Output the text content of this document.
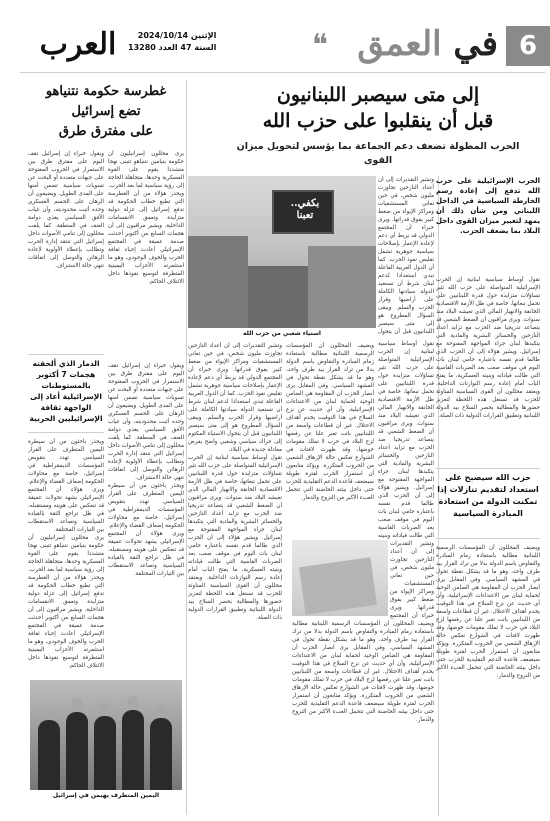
6
في العمق
❝
العرب	الإثنين 2024/10/14
السنة 47 العدد 13280
إلى متى سيصبر اللبنانيون
قبل أن ينقلبوا على حزب الله
الحرب المطولة تضعف دعم الجماعة بما يؤسس لتحويل ميزان القوى

الحرب الإسرائيلية على حزب الله تدفع إلى إعادة رسم الخارطة السياسية في الداخل اللبناني ومن شأن ذلك أن يمهد لتغيير ميزان القوى داخل البلاد بما يضعف الحزب.

تقول أوساط سياسية لبنانية إن الحرب الإسرائيلية المتواصلة على حزب الله تثير تساؤلات متزايدة حول قدرة اللبنانيين على تحمل تبعاتها، خاصة في ظل الأزمة الاقتصادية الخانقة والانهيار المالي الذي تعيشه البلاد منذ سنوات. ويرى مراقبون أن الضغط الشعبي قد يتصاعد تدريجيا ضد الحزب مع تزايد أعداد النازحين والخسائر البشرية والمادية التي يتكبدها لبنان جراء المواجهة المفتوحة مع إسرائيل. ويشير هؤلاء إلى أن الحزب الذي طالما قدم نفسه باعتباره حامي لبنان بات اليوم في موقف صعب بعد الضربات القاسية التي طالت قياداته وبنيته العسكرية، ما يفتح الباب أمام إعادة رسم التوازنات الداخلية. ويعتقد محللون أن القوى السياسية المناوئة للحزب قد تستغل هذه اللحظة لتعزيز حضورها والمطالبة بحصر السلاح بيد الدولة اللبنانية وتطبيق القرارات الدولية ذات الصلة.

حزب الله سيصبح على استعداد لتقديم تنازلات إذا تمكنت الدولة من استعادة المبادرة السياسية

ويضيف المحللون أن المؤسسات الرسمية اللبنانية مطالبة باستعادة زمام المبادرة والتفاوض باسم الدولة بدلا من ترك القرار بيد طرف واحد، وهو ما قد يشكل نقطة تحول في المشهد السياسي. وفي المقابل يرى أنصار الحزب أن المقاومة هي الضامن الوحيد لحماية لبنان من الاعتداءات الإسرائيلية، وأن أي حديث عن نزع السلاح في هذا التوقيت يخدم أهداف الاحتلال. غير أن قطاعات واسعة من اللبنانيين باتت تعبر علنا عن رفضها لزج البلاد في حرب لا تملك مقومات خوضها، وقد ظهرت لافتات في الشوارع تعكس حالة الإرهاق الشعبي من الحروب المتكررة. ويؤكد متابعون أن استمرار الحرب لفترة طويلة سيضعف قاعدة الدعم التقليدية للحزب حتى داخل بيئته الحاضنة التي تتحمل العبء الأكبر من النزوح والدمار.

وتشير التقديرات إلى أن أعداد النازحين تجاوزت مليون شخص، في حين تعاني المستشفيات ومراكز الإيواء من ضغط كبير يفوق قدراتها. ويرى خبراء أن المجتمع الدولي قد يربط أي دعم لإعادة الإعمار بإصلاحات سياسية جوهرية تشمل تقليص نفوذ الحزب. كما أن الدول العربية الفاعلة تبدي استعدادا لدعم لبنان شرط أن تستعيد الدولة سيادتها الكاملة على أراضيها وقرار الحرب والسلم. ويبقى السؤال المطروح هو إلى متى سيصبر اللبنانيون قبل أن يتحول

تقول أوساط سياسية لبنانية إن الحرب الإسرائيلية المتواصلة على حزب الله تثير تساؤلات متزايدة حول قدرة اللبنانيين على تحمل تبعاتها، خاصة في ظل الأزمة الاقتصادية الخانقة والانهيار المالي الذي تعيشه البلاد منذ سنوات. ويرى مراقبون أن الضغط الشعبي قد يتصاعد تدريجيا ضد الحزب مع تزايد أعداد النازحين والخسائر البشرية والمادية التي يتكبدها لبنان جراء المواجهة المفتوحة مع إسرائيل. ويشير هؤلاء إلى أن الحزب الذي طالما قدم نفسه باعتباره حامي لبنان بات اليوم في موقف صعب بعد الضربات القاسية التي طالت قياداته وبنيته

وتشير التقديرات إلى أن أعداد النازحين تجاوزت مليون شخص، في حين تعاني المستشفيات ومراكز الإيواء من ضغط كبير يفوق قدراتها. ويرى خبراء أن المجتمع

ويضيف المحللون أن المؤسسات الرسمية اللبنانية مطالبة باستعادة زمام المبادرة والتفاوض باسم الدولة بدلا من ترك القرار بيد طرف واحد، وهو ما قد يشكل نقطة تحول في المشهد السياسي. وفي المقابل يرى أنصار الحزب أن المقاومة هي الضامن الوحيد لحماية لبنان من الاعتداءات الإسرائيلية، وأن أي حديث عن نزع السلاح في هذا التوقيت يخدم أهداف الاحتلال. غير أن قطاعات واسعة من اللبنانيين باتت تعبر علنا عن رفضها لزج البلاد في حرب لا تملك مقومات خوضها، وقد ظهرت لافتات في الشوارع تعكس حالة الإرهاق الشعبي من الحروب المتكررة. ويؤكد متابعون أن استمرار الحرب لفترة طويلة سيضعف قاعدة الدعم التقليدية للحزب حتى داخل بيئته الحاضنة التي تتحمل العبء الأكبر من النزوح والدمار.

بكفي..
تعبنا
استياء شعبي من حزب الله

ويضيف المحللون أن المؤسسات الرسمية اللبنانية مطالبة باستعادة زمام المبادرة والتفاوض باسم الدولة بدلا من ترك القرار بيد طرف واحد، وهو ما قد يشكل نقطة تحول في المشهد السياسي. وفي المقابل يرى أنصار الحزب أن المقاومة هي الضامن الوحيد لحماية لبنان من الاعتداءات الإسرائيلية، وأن أي حديث عن نزع السلاح في هذا التوقيت يخدم أهداف الاحتلال. غير أن قطاعات واسعة من اللبنانيين باتت تعبر علنا عن رفضها لزج البلاد في حرب لا تملك مقومات خوضها، وقد ظهرت لافتات في الشوارع تعكس حالة الإرهاق الشعبي من الحروب المتكررة. ويؤكد متابعون أن استمرار الحرب لفترة طويلة سيضعف قاعدة الدعم التقليدية للحزب حتى داخل بيئته الحاضنة التي تتحمل العبء الأكبر من النزوح والدمار.

وتشير التقديرات إلى أن أعداد النازحين تجاوزت مليون شخص، في حين تعاني المستشفيات ومراكز الإيواء من ضغط كبير يفوق قدراتها. ويرى خبراء أن المجتمع الدولي قد يربط أي دعم لإعادة الإعمار بإصلاحات سياسية جوهرية تشمل تقليص نفوذ الحزب. كما أن الدول العربية الفاعلة تبدي استعدادا لدعم لبنان شرط أن تستعيد الدولة سيادتها الكاملة على أراضيها وقرار الحرب والسلم. ويبقى السؤال المطروح هو إلى متى سيصبر اللبنانيون قبل أن يتحول الاستياء المكتوم إلى حراك سياسي وشعبي واضح يفرض معادلة جديدة في البلاد.

تقول أوساط سياسية لبنانية إن الحرب الإسرائيلية المتواصلة على حزب الله تثير تساؤلات متزايدة حول قدرة اللبنانيين على تحمل تبعاتها، خاصة في ظل الأزمة الاقتصادية الخانقة والانهيار المالي الذي تعيشه البلاد منذ سنوات. ويرى مراقبون أن الضغط الشعبي قد يتصاعد تدريجيا ضد الحزب مع تزايد أعداد النازحين والخسائر البشرية والمادية التي يتكبدها لبنان جراء المواجهة المفتوحة مع إسرائيل. ويشير هؤلاء إلى أن الحزب الذي طالما قدم نفسه باعتباره حامي لبنان بات اليوم في موقف صعب بعد الضربات القاسية التي طالت قياداته وبنيته العسكرية، ما يفتح الباب أمام إعادة رسم التوازنات الداخلية. ويعتقد محللون أن القوى السياسية المناوئة للحزب قد تستغل هذه اللحظة لتعزيز حضورها والمطالبة بحصر السلاح بيد الدولة اللبنانية وتطبيق القرارات الدولية ذات الصلة.

غطرسة حكومة نتنياهو
تضع إسرائيل
على مفترق طرق

يرى محللون إسرائيليون أن حكومة بنيامين نتنياهو تتبنى نهجا متشددا يقوم على القوة العسكرية وحدها، متجاهلة الحاجة إلى رؤية سياسية لما بعد الحرب. ويحذر هؤلاء من أن الغطرسة التي تطبع خطاب الحكومة قد تدفع إسرائيل إلى عزلة دولية متزايدة وتعمق الانقسامات الداخلية. ويشير مراقبون إلى أن هجمات السابع من أكتوبر أحدثت صدمة عميقة في المجتمع الإسرائيلي أعادت إحياء ثقافة الحرب والخوف الوجودي، وهو ما استثمرته الأحزاب اليمينية المتطرفة لتوسيع نفوذها داخل الائتلاف الحاكم.

ويقول خبراء إن إسرائيل تقف اليوم على مفترق طرق بين الاستمرار في الحروب المفتوحة على جبهات متعددة أو البحث عن تسويات سياسية تضمن أمنها على المدى الطويل. ويضيفون أن الرهان على الحسم العسكري وحده أثبت محدوديته، وأن غياب الأفق السياسي يغذي دوامة العنف في المنطقة. كما يلفت محللون إلى تنامي الأصوات داخل إسرائيل التي تنتقد إدارة الحرب وتطالب بإعطاء الأولوية لإعادة الرهائن والتوصل إلى اتفاقات تنهي حالة الاستنزاف.

الدمار الذي ألحقته هجمات 7 أكتوبر بالمستوطنات الإسرائيلية أعاد إلى الواجهة ثقافة الإسرائيليين الحربية

ويحذر باحثون من أن سيطرة اليمين المتطرف على القرار السياسي تهدد بتقويض المؤسسات الديمقراطية في إسرائيل، خاصة مع محاولات الحكومة إضعاف القضاء والإعلام. ويرى هؤلاء أن المجتمع الإسرائيلي يشهد تحولات عميقة قد تنعكس على هويته ومستقبله، في ظل تراجع الثقة بالقيادة السياسية وتصاعد الاستقطاب بين التيارات المختلفة.

يرى محللون إسرائيليون أن حكومة بنيامين نتنياهو تتبنى نهجا متشددا يقوم على القوة العسكرية وحدها، متجاهلة الحاجة إلى رؤية سياسية لما بعد الحرب. ويحذر هؤلاء من أن الغطرسة التي تطبع خطاب الحكومة قد تدفع إسرائيل إلى عزلة دولية متزايدة وتعمق الانقسامات الداخلية. ويشير مراقبون إلى أن هجمات السابع من أكتوبر أحدثت صدمة عميقة في المجتمع الإسرائيلي أعادت إحياء ثقافة الحرب والخوف الوجودي، وهو ما استثمرته الأحزاب اليمينية المتطرفة لتوسيع نفوذها داخل الائتلاف الحاكم.

ويقول خبراء إن إسرائيل تقف اليوم على مفترق طرق بين الاستمرار في الحروب المفتوحة على جبهات متعددة أو البحث عن تسويات سياسية تضمن أمنها على المدى الطويل. ويضيفون أن الرهان على الحسم العسكري وحده أثبت محدوديته، وأن غياب الأفق السياسي يغذي دوامة العنف في المنطقة. كما يلفت محللون إلى تنامي الأصوات داخل إسرائيل التي تنتقد إدارة الحرب وتطالب بإعطاء الأولوية لإعادة الرهائن والتوصل إلى اتفاقات تنهي حالة الاستنزاف.

ويحذر باحثون من أن سيطرة اليمين المتطرف على القرار السياسي تهدد بتقويض المؤسسات الديمقراطية في إسرائيل، خاصة مع محاولات الحكومة إضعاف القضاء والإعلام. ويرى هؤلاء أن المجتمع الإسرائيلي يشهد تحولات عميقة قد تنعكس على هويته ومستقبله، في ظل تراجع الثقة بالقيادة السياسية وتصاعد الاستقطاب بين التيارات المختلفة.

اليمين المتطرف يهيمن في إسرائيل
